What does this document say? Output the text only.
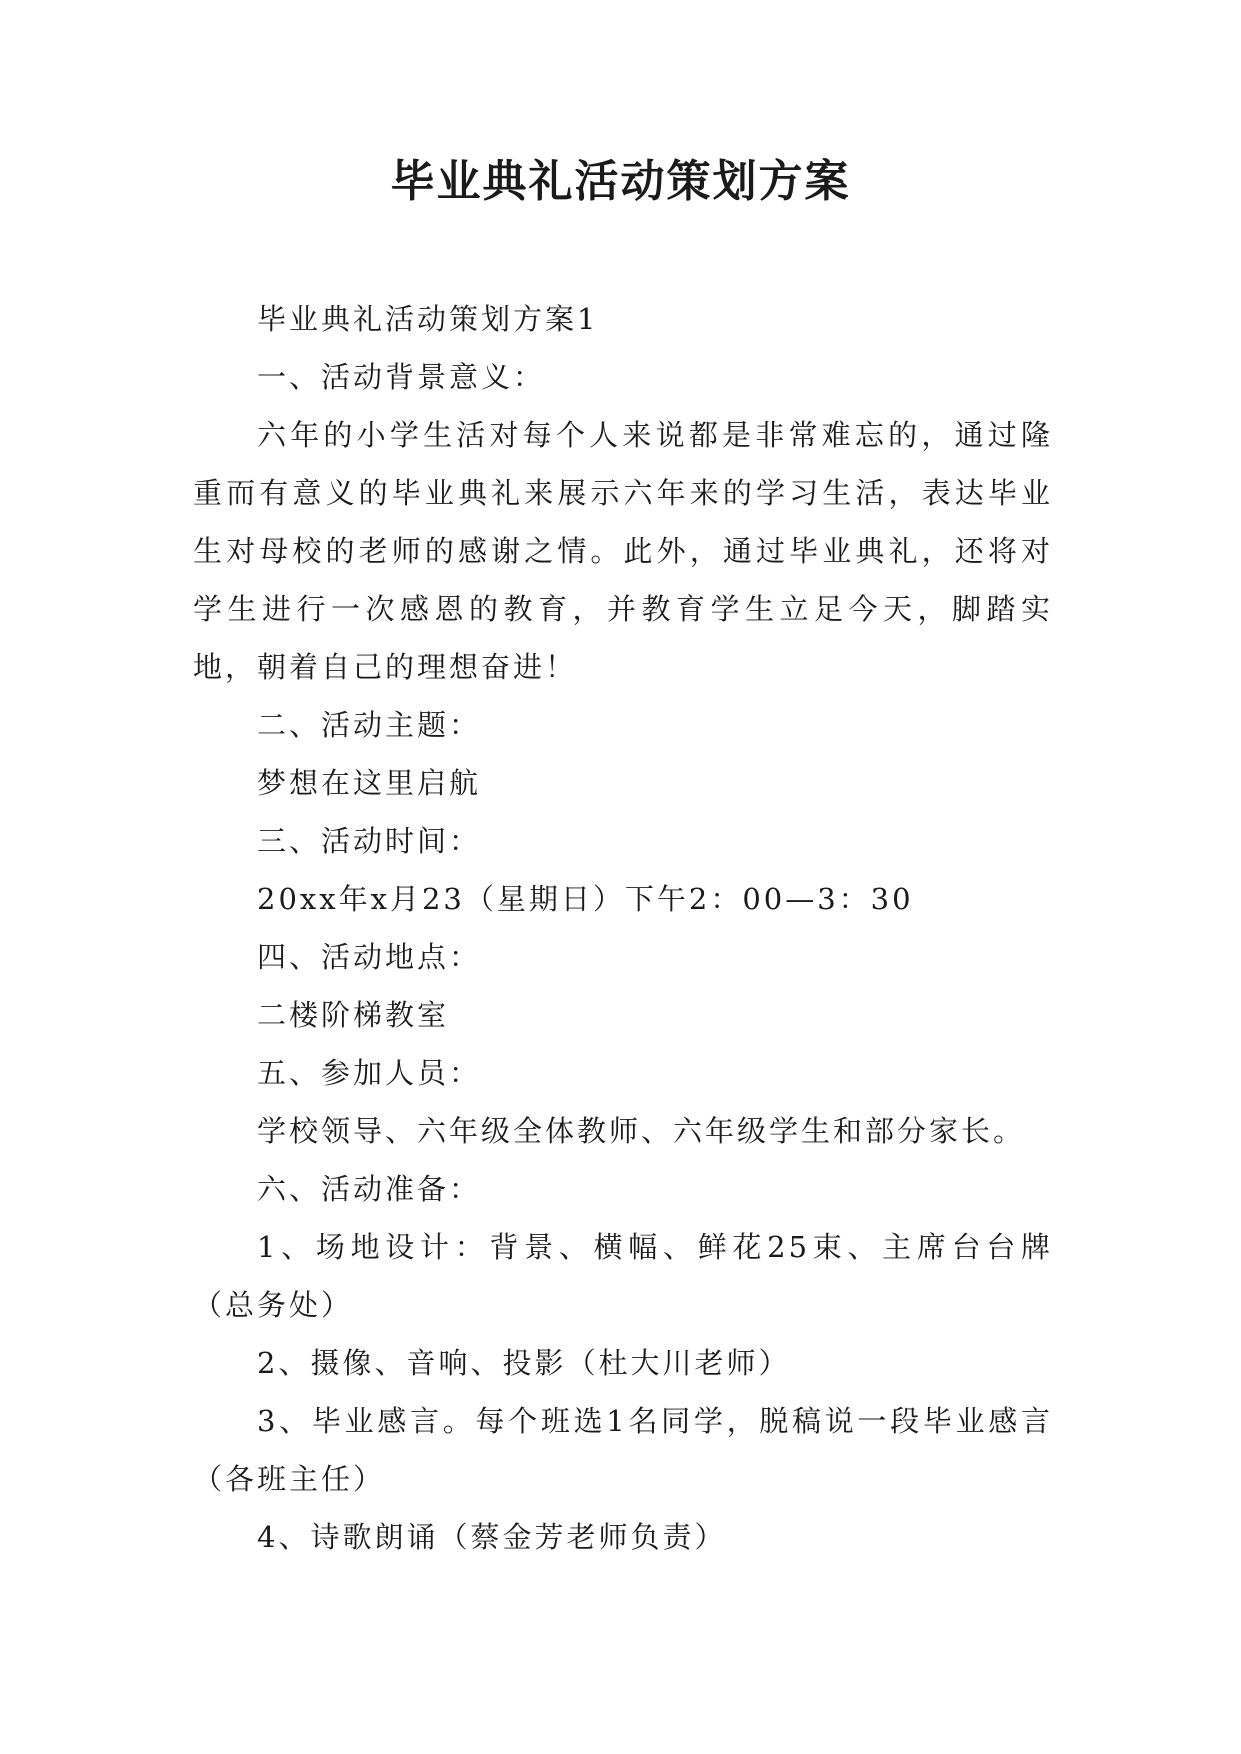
毕业典礼活动策划方案

毕业典礼活动策划方案1

一、活动背景意义：

六年的小学生活对每个人来说都是非常难忘的，通过隆重而有意义的毕业典礼来展示六年来的学习生活，表达毕业生对母校的老师的感谢之情。此外，通过毕业典礼，还将对学生进行一次感恩的教育，并教育学生立足今天，脚踏实地，朝着自己的理想奋进！

二、活动主题：

梦想在这里启航

三、活动时间：

20xx年x月23（星期日）下午2：00—3：30

四、活动地点：

二楼阶梯教室

五、参加人员：

学校领导、六年级全体教师、六年级学生和部分家长。

六、活动准备：

1、场地设计：背景、横幅、鲜花25束、主席台台牌（总务处）

2、摄像、音响、投影（杜大川老师）

3、毕业感言。每个班选1名同学，脱稿说一段毕业感言（各班主任）

4、诗歌朗诵（蔡金芳老师负责）
